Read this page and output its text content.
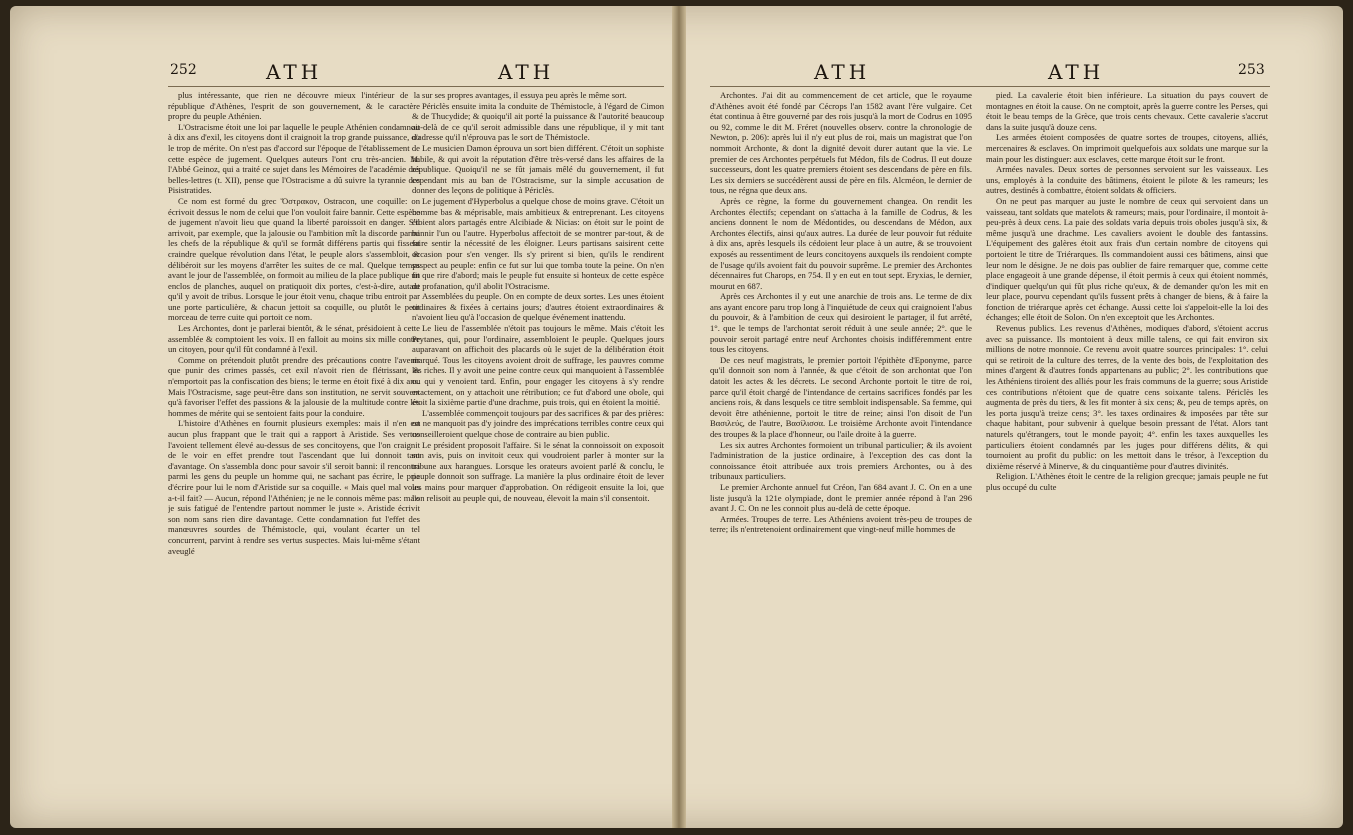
252	ATH	ATH

plus intéressante, que rien ne découvre mieux l'intérieur de la république d'Athènes, l'esprit de son gouvernement, & le caractère propre du peuple Athénien.

L'Ostracisme étoit une loi par laquelle le peuple Athénien condamnoit à dix ans d'exil, les citoyens dont il craignoit la trop grande puissance, ou le trop de mérite. On n'est pas d'accord sur l'époque de l'établissement de cette espèce de jugement. Quelques auteurs l'ont cru très-ancien. M. l'Abbé Geinoz, qui a traité ce sujet dans les Mémoires de l'académie des belles-lettres (t. XII), pense que l'Ostracisme a dû suivre la tyrannie des Pisistratides.

Ce nom est formé du grec Ὄστρακον, Ostracon, une coquille: on écrivoit dessus le nom de celui que l'on vouloit faire bannir. Cette espèce de jugement n'avoit lieu que quand la liberté paroissoit en danger. S'il arrivoit, par exemple, que la jalousie ou l'ambition mît la discorde parmi les chefs de la république & qu'il se formât différens partis qui fissent craindre quelque révolution dans l'état, le peuple alors s'assembloit, & délibéroit sur les moyens d'arrêter les suites de ce mal. Quelque temps avant le jour de l'assemblée, on formoit au milieu de la place publique un enclos de planches, auquel on pratiquoit dix portes, c'est-à-dire, autant qu'il y avoit de tribus. Lorsque le jour étoit venu, chaque tribu entroit par une porte particulière, & chacun jettoit sa coquille, ou plutôt le petit morceau de terre cuite qui portoit ce nom.

Les Archontes, dont je parlerai bientôt, & le sénat, présidoient à cette assemblée & comptoient les voix. Il en falloit au moins six mille contre un citoyen, pour qu'il fût condamné à l'exil.

Comme on prétendoit plutôt prendre des précautions contre l'avenir que punir des crimes passés, cet exil n'avoit rien de flétrissant, & n'emportoit pas la confiscation des biens; le terme en étoit fixé à dix ans. Mais l'Ostracisme, sage peut-être dans son institution, ne servit souvent qu'à favoriser l'effet des passions & la jalousie de la multitude contre les hommes de mérite qui se sentoient faits pour la conduire.

L'histoire d'Athènes en fournit plusieurs exemples: mais il n'en est aucun plus frappant que le trait qui a rapport à Aristide. Ses vertus l'avoient tellement élevé au-dessus de ses concitoyens, que l'on craignit de le voir en effet prendre tout l'ascendant que lui donnoit tant d'avantage. On s'assembla donc pour savoir s'il seroit banni: il rencontra parmi les gens du peuple un homme qui, ne sachant pas écrire, le pria d'écrire pour lui le nom d'Aristide sur sa coquille. « Mais quel mal vous a-t-il fait? — Aucun, répond l'Athénien; je ne le connois même pas: mais je suis fatigué de l'entendre partout nommer le juste ». Aristide écrivit son nom sans rien dire davantage. Cette condamnation fut l'effet des manœuvres sourdes de Thémistocle, qui, voulant écarter un tel concurrent, parvint à rendre ses vertus suspectes. Mais lui-même s'étant aveuglé

sur ses propres avantages, il essuya peu après le même sort.

Périclès ensuite imita la conduite de Thémistocle, à l'égard de Cimon & de Thucydide; & quoiqu'il ait porté la puissance & l'autorité beaucoup au-delà de ce qu'il seroit admissible dans une république, il y mit tant d'adresse qu'il n'éprouva pas le sort de Thémistocle.

Le musicien Damon éprouva un sort bien différent. C'étoit un sophiste habile, & qui avoit la réputation d'être très-versé dans les affaires de la république. Quoiqu'il ne se fût jamais mêlé du gouvernement, il fut cependant mis au ban de l'Ostracisme, sur la simple accusation de donner des leçons de politique à Périclès.

Le jugement d'Hyperbolus a quelque chose de moins grave. C'étoit un homme bas & méprisable, mais ambitieux & entreprenant. Les citoyens étoient alors partagés entre Alcibiade & Nicias: on étoit sur le point de bannir l'un ou l'autre. Hyperbolus affectoit de se montrer par-tout, & de faire sentir la nécessité de les éloigner. Leurs partisans saisirent cette occasion pour s'en venger. Ils s'y prirent si bien, qu'ils le rendirent suspect au peuple: enfin ce fut sur lui que tomba toute la peine. On n'en fit que rire d'abord; mais le peuple fut ensuite si honteux de cette espèce de profanation, qu'il abolit l'Ostracisme.

Assemblées du peuple. On en compte de deux sortes. Les unes étoient ordinaires & fixées à certains jours; d'autres étoient extraordinaires & n'avoient lieu qu'à l'occasion de quelque événement inattendu.

Le lieu de l'assemblée n'étoit pas toujours le même. Mais c'étoit les Prytanes, qui, pour l'ordinaire, assembloient le peuple. Quelques jours auparavant on affichoit des placards où le sujet de la délibération étoit marqué. Tous les citoyens avoient droit de suffrage, les pauvres comme les riches. Il y avoit une peine contre ceux qui manquoient à l'assemblée ou qui y venoient tard. Enfin, pour engager les citoyens à s'y rendre exactement, on y attachoit une rétribution; ce fut d'abord une obole, qui étoit la sixième partie d'une drachme, puis trois, qui en étoient la moitié.

L'assemblée commençoit toujours par des sacrifices & par des prières: on ne manquoit pas d'y joindre des imprécations terribles contre ceux qui conseilleroient quelque chose de contraire au bien public.

Le président proposoit l'affaire. Si le sénat la connoissoit on exposoit son avis, puis on invitoit ceux qui voudroient parler à monter sur la tribune aux harangues. Lorsque les orateurs avoient parlé & conclu, le peuple donnoit son suffrage. La manière la plus ordinaire étoit de lever les mains pour marquer d'approbation. On rédigeoit ensuite la loi, que l'on relisoit au peuple qui, de nouveau, élevoit la main s'il consentoit.

ATH	ATH	253

Archontes. J'ai dit au commencement de cet article, que le royaume d'Athènes avoit été fondé par Cécrops l'an 1582 avant l'ère vulgaire. Cet état continua à être gouverné par des rois jusqu'à la mort de Codrus en 1095 ou 92, comme le dit M. Fréret (nouvelles observ. contre la chronologie de Newton, p. 206): après lui il n'y eut plus de roi, mais un magistrat que l'on nommoit Archonte, & dont la dignité devoit durer autant que la vie. Le premier de ces Archontes perpétuels fut Médon, fils de Codrus. Il eut douze successeurs, dont les quatre premiers étoient ses descendans de père en fils. Les six derniers se succédèrent aussi de père en fils. Alcméon, le dernier de tous, ne régna que deux ans.

Après ce règne, la forme du gouvernement changea. On rendit les Archontes électifs; cependant on s'attacha à la famille de Codrus, & les anciens donnent le nom de Médontides, ou descendans de Médon, aux Archontes électifs, ainsi qu'aux autres. La durée de leur pouvoir fut réduite à dix ans, après lesquels ils cédoient leur place à un autre, & se trouvoient exposés au ressentiment de leurs concitoyens auxquels ils rendoient compte de l'usage qu'ils avoient fait du pouvoir suprême. Le premier des Archontes décennaires fut Charops, en 754. Il y en eut en tout sept. Eryxias, le dernier, mourut en 687.

Après ces Archontes il y eut une anarchie de trois ans. Le terme de dix ans ayant encore paru trop long à l'inquiétude de ceux qui craignoient l'abus du pouvoir, & à l'ambition de ceux qui desiroient le partager, il fut arrêté, 1°. que le temps de l'archontat seroit réduit à une seule année; 2°. que le pouvoir seroit partagé entre neuf Archontes choisis indifféremment entre tous les citoyens.

De ces neuf magistrats, le premier portoit l'épithète d'Eponyme, parce qu'il donnoit son nom à l'année, & que c'étoit de son archontat que l'on datoit les actes & les décrets. Le second Archonte portoit le titre de roi, parce qu'il étoit chargé de l'intendance de certains sacrifices fondés par les anciens rois, & dans lesquels ce titre sembloit indispensable. Sa femme, qui devoit être athénienne, portoit le titre de reine; ainsi l'on disoit de l'un Βασιλεύς, de l'autre, Βασίλισσα. Le troisième Archonte avoit l'intendance des troupes & la place d'honneur, ou l'aile droite à la guerre.

Les six autres Archontes formoient un tribunal particulier; & ils avoient l'administration de la justice ordinaire, à l'exception des cas dont la connoissance étoit attribuée aux trois premiers Archontes, ou à des tribunaux particuliers.

Le premier Archonte annuel fut Créon, l'an 684 avant J. C. On en a une liste jusqu'à la 121e olympiade, dont le premier année répond à l'an 296 avant J. C. On ne les connoit plus au-delà de cette époque.

Armées. Troupes de terre. Les Athéniens avoient très-peu de troupes de terre; ils n'entretenoient ordinairement que vingt-neuf mille hommes de

pied. La cavalerie étoit bien inférieure. La situation du pays couvert de montagnes en étoit la cause. On ne comptoit, après la guerre contre les Perses, qui étoit le beau temps de la Grèce, que trois cents chevaux. Cette cavalerie s'accrut dans la suite jusqu'à douze cens.

Les armées étoient composées de quatre sortes de troupes, citoyens, alliés, mercenaires & esclaves. On imprimoit quelquefois aux soldats une marque sur la main pour les distinguer: aux esclaves, cette marque étoit sur le front.

Armées navales. Deux sortes de personnes servoient sur les vaisseaux. Les uns, employés à la conduite des bâtimens, étoient le pilote & les rameurs; les autres, destinés à combattre, étoient soldats & officiers.

On ne peut pas marquer au juste le nombre de ceux qui servoient dans un vaisseau, tant soldats que matelots & rameurs; mais, pour l'ordinaire, il montoit à-peu-près à deux cens. La paie des soldats varia depuis trois oboles jusqu'à six, & même jusqu'à une drachme. Les cavaliers avoient le double des fantassins. L'équipement des galères étoit aux frais d'un certain nombre de citoyens qui portoient le titre de Triérarques. Ils commandoient aussi ces bâtimens, ainsi que leur nom le désigne. Je ne dois pas oublier de faire remarquer que, comme cette place engageoit à une grande dépense, il étoit permis à ceux qui étoient nommés, d'indiquer quelqu'un qui fût plus riche qu'eux, & de demander qu'on les mit en leur place, pourvu cependant qu'ils fussent prêts à changer de biens, & à faire la fonction de triérarque après cet échange. Aussi cette loi s'appeloit-elle la loi des échanges; elle étoit de Solon. On n'en exceptoit que les Archontes.

Revenus publics. Les revenus d'Athènes, modiques d'abord, s'étoient accrus avec sa puissance. Ils montoient à deux mille talens, ce qui fait environ six millions de notre monnoie. Ce revenu avoit quatre sources principales: 1°. celui qui se retiroit de la culture des terres, de la vente des bois, de l'exploitation des mines d'argent & d'autres fonds appartenans au public; 2°. les contributions que les Athéniens tiroient des alliés pour les frais communs de la guerre; sous Aristide ces contributions n'étoient que de quatre cens soixante talens. Périclès les augmenta de près du tiers, & les fit monter à six cens; &, peu de temps après, on les porta jusqu'à treize cens; 3°. les taxes ordinaires & imposées par tête sur chaque habitant, pour subvenir à quelque besoin pressant de l'état. Alors tant naturels qu'étrangers, tout le monde payoit; 4°. enfin les taxes auxquelles les particuliers étoient condamnés par les juges pour différens délits, & qui tournoient au profit du public: on les mettoit dans le trésor, à l'exception du dixième réservé à Minerve, & du cinquantième pour d'autres divinités.

Religion. L'Athènes étoit le centre de la religion grecque; jamais peuple ne fut plus occupé du culte
